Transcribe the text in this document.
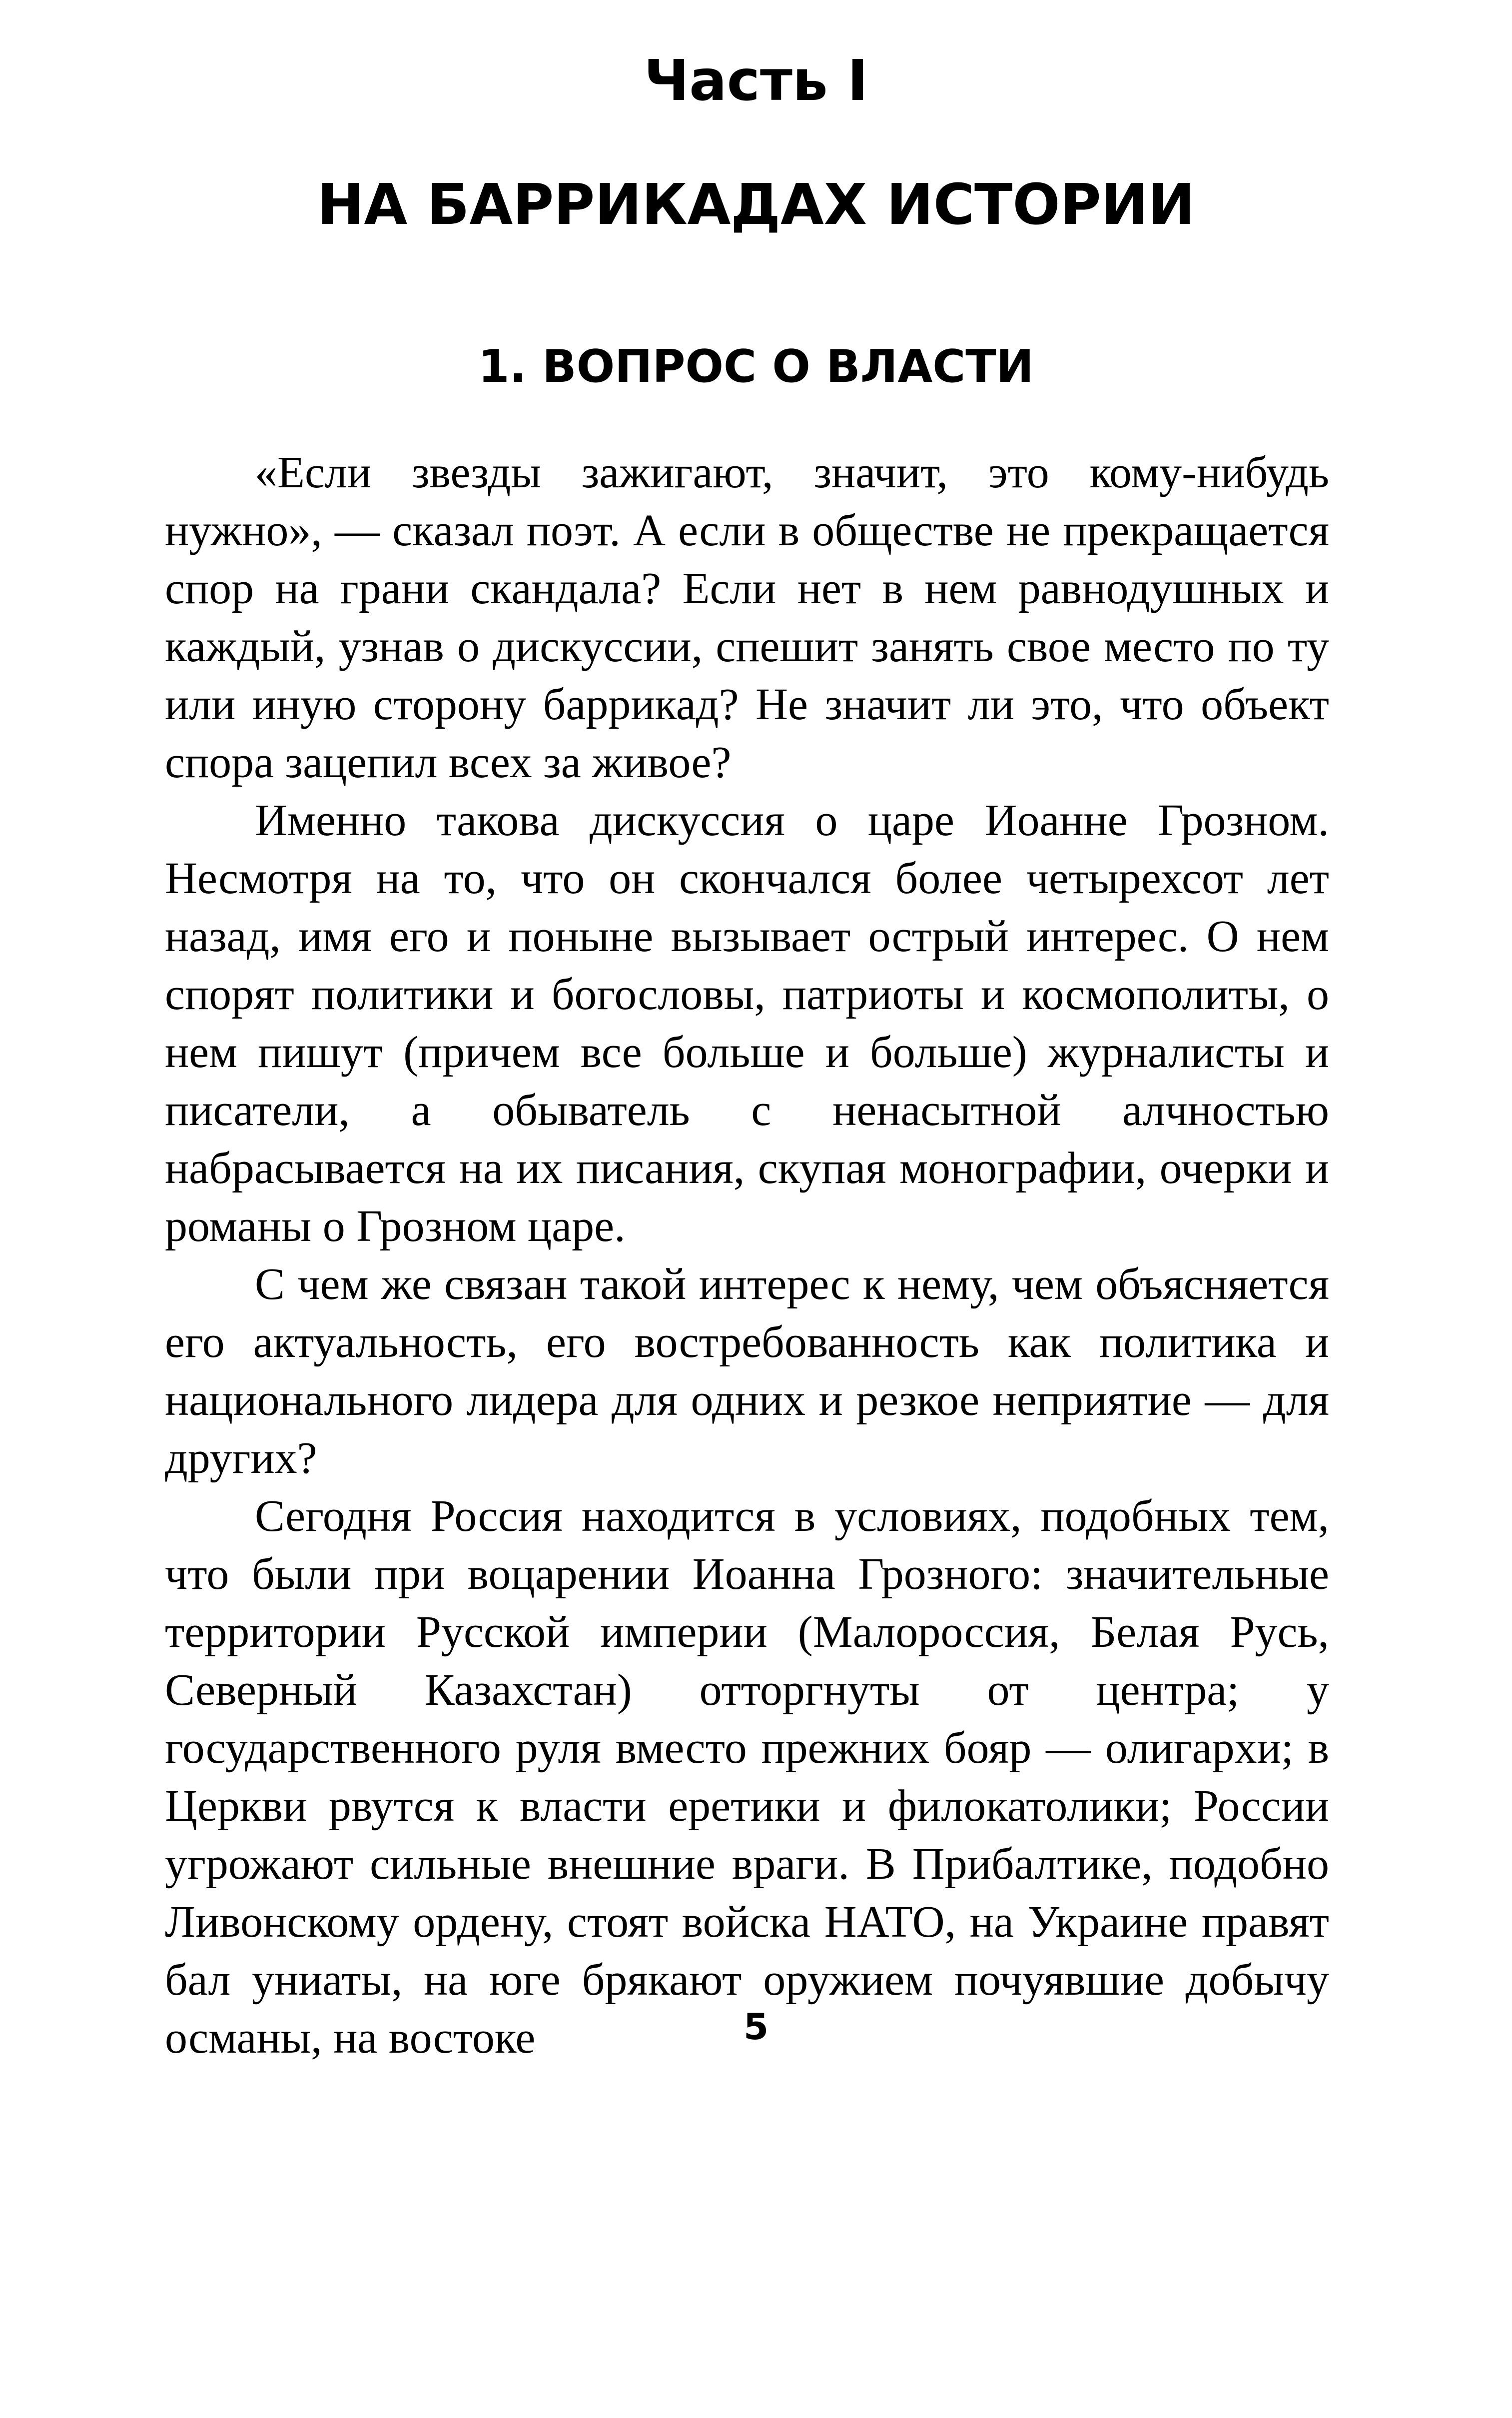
Часть I
НА БАРРИКАДАХ ИСТОРИИ
1. ВОПРОС О ВЛАСТИ

«Если звезды зажигают, значит, это кому-нибудь нужно», — сказал поэт. А если в обществе не прекращается спор на грани скандала? Если нет в нем равнодушных и каждый, узнав о дискуссии, спешит занять свое место по ту или иную сторону баррикад? Не значит ли это, что объект спора зацепил всех за живое?

Именно такова дискуссия о царе Иоанне Грозном. Несмотря на то, что он скончался более четырехсот лет назад, имя его и поныне вызывает острый интерес. О нем спорят политики и богословы, патриоты и космополиты, о нем пишут (причем все больше и больше) журналисты и писатели, а обыватель с ненасытной алчностью набрасывается на их писания, скупая монографии, очерки и романы о Грозном царе.

С чем же связан такой интерес к нему, чем объясняется его актуальность, его востребованность как политика и национального лидера для одних и резкое неприятие — для других?

Сегодня Россия находится в условиях, подобных тем, что были при воцарении Иоанна Грозного: значительные территории Русской империи (Малороссия, Белая Русь, Северный Казахстан) отторгнуты от центра; у государственного руля вместо прежних бояр — олигархи; в Церкви рвутся к власти еретики и филокатолики; России угрожают сильные внешние враги. В Прибалтике, подобно Ливонскому ордену, стоят войска НАТО, на Украине правят бал униаты, на юге брякают оружием почуявшие добычу османы, на востоке	5
